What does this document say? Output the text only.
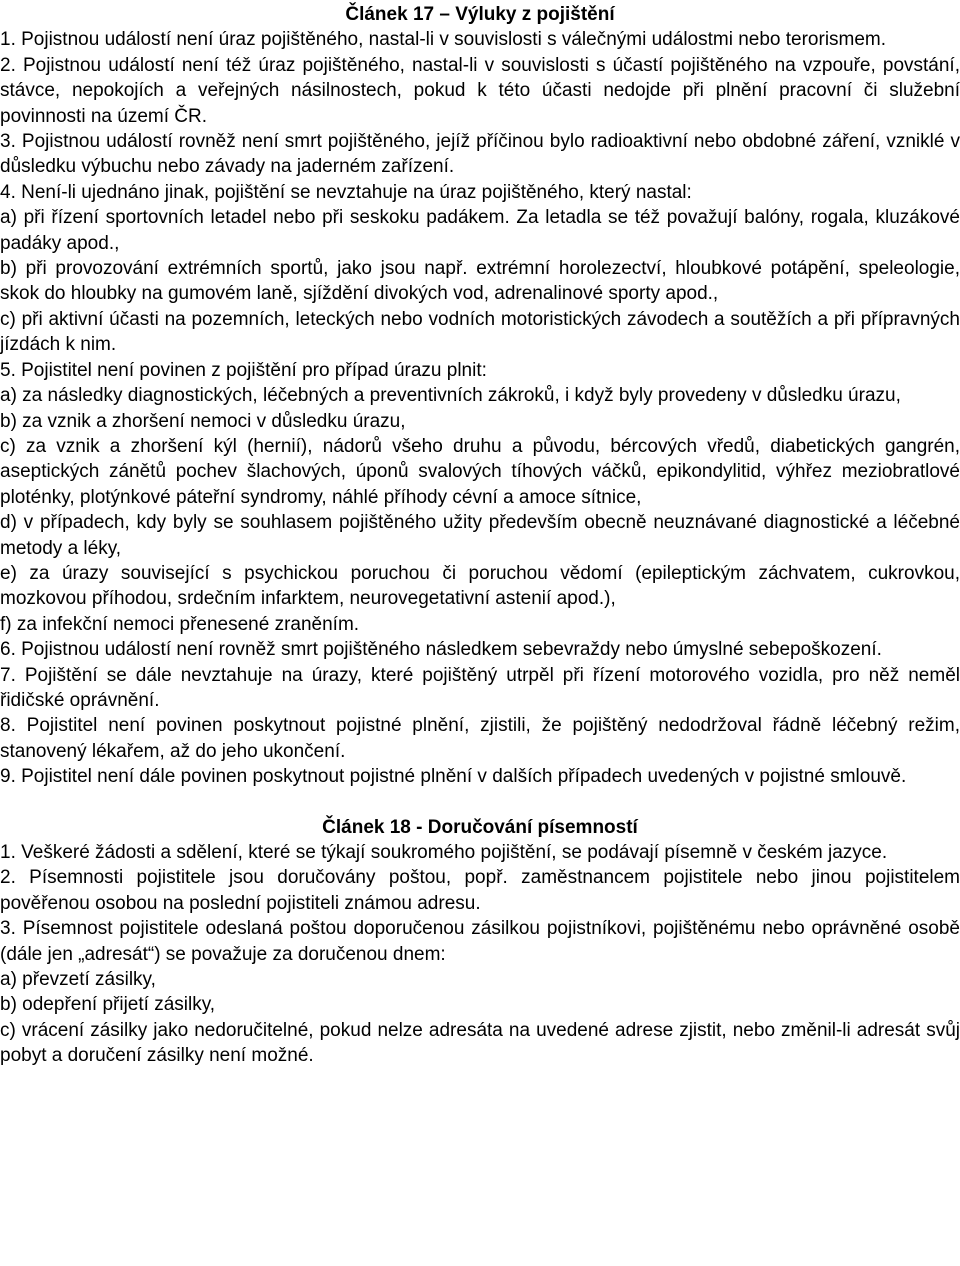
Článek 17 – Výluky z pojištění

1. Pojistnou událostí není úraz pojištěného, nastal-li v souvislosti s válečnými událostmi nebo terorismem.

2. Pojistnou událostí není též úraz pojištěného, nastal-li v souvislosti s účastí pojištěného na vzpouře, povstání, stávce, nepokojích a veřejných násilnostech, pokud k této účasti nedojde při plnění pracovní či služební povinnosti na území ČR.

3. Pojistnou událostí rovněž není smrt pojištěného, jejíž příčinou bylo radioaktivní nebo obdobné záření, vzniklé v důsledku výbuchu nebo závady na jaderném zařízení.

4. Není-li ujednáno jinak, pojištění se nevztahuje na úraz pojištěného, který nastal:

a) při řízení sportovních letadel nebo při seskoku padákem. Za letadla se též považují balóny, rogala, kluzákové padáky apod.,

b) při provozování extrémních sportů, jako jsou např. extrémní horolezectví, hloubkové potápění, speleologie, skok do hloubky na gumovém laně, sjíždění divokých vod, adrenalinové sporty apod.,

c) při aktivní účasti na pozemních, leteckých nebo vodních motoristických závodech a soutěžích a při přípravných jízdách k nim.

5. Pojistitel není povinen z pojištění pro případ úrazu plnit:

a) za následky diagnostických, léčebných a preventivních zákroků, i když byly provedeny v důsledku úrazu,

b) za vznik a zhoršení nemoci v důsledku úrazu,

c) za vznik a zhoršení kýl (hernií), nádorů všeho druhu a původu, bércových vředů, diabetických gangrén, aseptických zánětů pochev šlachových, úponů svalových tíhových váčků, epikondylitid, výhřez meziobratlové ploténky, plotýnkové páteřní syndromy, náhlé příhody cévní a amoce sítnice,

d) v případech, kdy byly se souhlasem pojištěného užity především obecně neuznávané diagnostické a léčebné metody a léky,

e) za úrazy související s psychickou poruchou či poruchou vědomí (epileptickým záchvatem, cukrovkou, mozkovou příhodou, srdečním infarktem, neurovegetativní astenií apod.),

f) za infekční nemoci přenesené zraněním.

6. Pojistnou událostí není rovněž smrt pojištěného následkem sebevraždy nebo úmyslné sebepoškození.

7. Pojištění se dále nevztahuje na úrazy, které pojištěný utrpěl při řízení motorového vozidla, pro něž neměl řidičské oprávnění.

8. Pojistitel není povinen poskytnout pojistné plnění, zjistili, že pojištěný nedodržoval řádně léčebný režim, stanovený lékařem, až do jeho ukončení.

9. Pojistitel není dále povinen poskytnout pojistné plnění v dalších případech uvedených v pojistné smlouvě.

Článek 18 - Doručování písemností

1. Veškeré žádosti a sdělení, které se týkají soukromého pojištění, se podávají písemně v českém jazyce.

2. Písemnosti pojistitele jsou doručovány poštou, popř. zaměstnancem pojistitele nebo jinou pojistitelem pověřenou osobou na poslední pojistiteli známou adresu.

3. Písemnost pojistitele odeslaná poštou doporučenou zásilkou pojistníkovi, pojištěnému nebo oprávněné osobě (dále jen „adresát“) se považuje za doručenou dnem:

a) převzetí zásilky,

b) odepření přijetí zásilky,

c) vrácení zásilky jako nedoručitelné, pokud nelze adresáta na uvedené adrese zjistit, nebo změnil-li adresát svůj pobyt a doručení zásilky není možné.
